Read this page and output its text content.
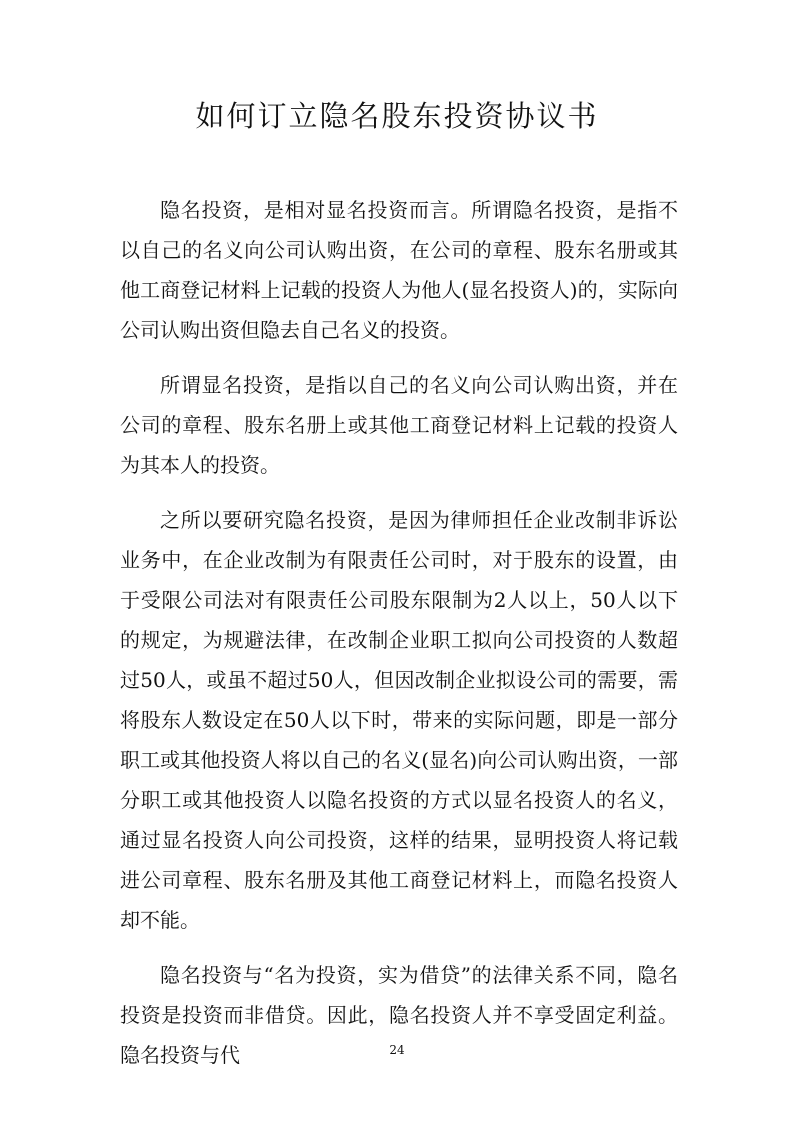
如何订立隐名股东投资协议书

隐名投资，是相对显名投资而言。所谓隐名投资，是指不以自己的名义向公司认购出资，在公司的章程、股东名册或其他工商登记材料上记载的投资人为他人(显名投资人)的，实际向公司认购出资但隐去自己名义的投资。

所谓显名投资，是指以自己的名义向公司认购出资，并在公司的章程、股东名册上或其他工商登记材料上记载的投资人为其本人的投资。

之所以要研究隐名投资，是因为律师担任企业改制非诉讼业务中，在企业改制为有限责任公司时，对于股东的设置，由于受限公司法对有限责任公司股东限制为2人以上，50人以下的规定，为规避法律，在改制企业职工拟向公司投资的人数超过50人，或虽不超过50人，但因改制企业拟设公司的需要，需将股东人数设定在50人以下时，带来的实际问题，即是一部分职工或其他投资人将以自己的名义(显名)向公司认购出资，一部分职工或其他投资人以隐名投资的方式以显名投资人的名义，通过显名投资人向公司投资，这样的结果，显明投资人将记载进公司章程、股东名册及其他工商登记材料上，而隐名投资人却不能。

隐名投资与“名为投资，实为借贷”的法律关系不同，隐名投资是投资而非借贷。因此，隐名投资人并不享受固定利益。隐名投资与代	24
